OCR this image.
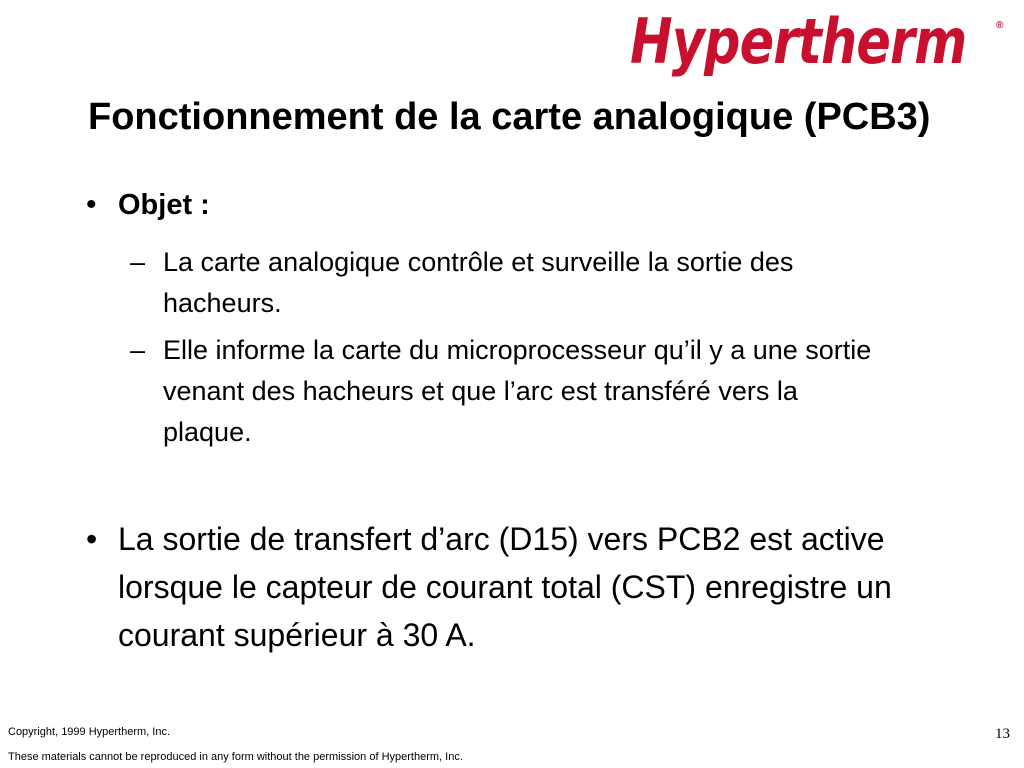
Hypertherm	®
Fonctionnement de la carte analogique (PCB3)
• Objet :
– La carte analogique contrôle et surveille la sortie des hacheurs.
– Elle informe la carte du microprocesseur qu’il y a une sortie venant des hacheurs et que l’arc est transféré vers la plaque.
• La sortie de transfert d’arc (D15) vers PCB2 est active lorsque le capteur de courant total (CST) enregistre un courant supérieur à 30 A.
Copyright, 1999 Hypertherm, Inc.
These materials cannot be reproduced in any form without the permission of Hypertherm, Inc.
13
